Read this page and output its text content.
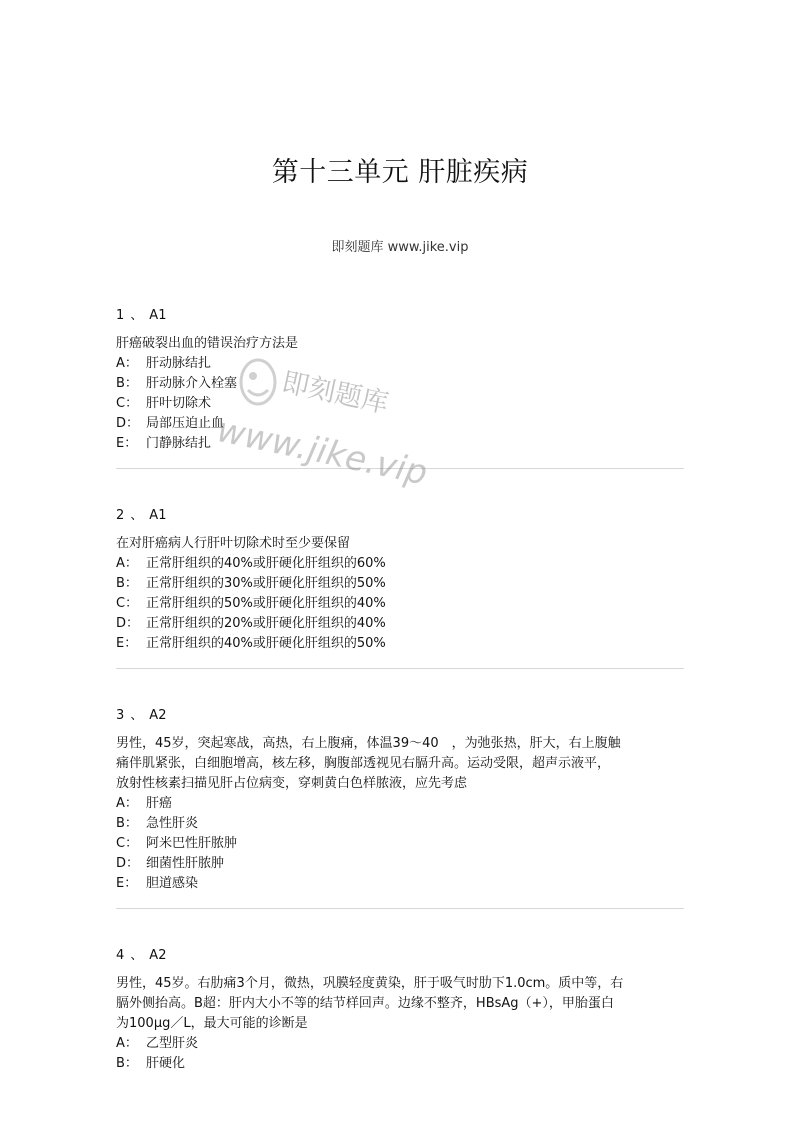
第十三单元 肝脏疾病
即刻题库 www.jike.vip
1 、 A1
肝癌破裂出血的错误治疗方法是
A： 肝动脉结扎
B： 肝动脉介入栓塞
C： 肝叶切除术
D： 局部压迫止血
E： 门静脉结扎
2 、 A1
在对肝癌病人行肝叶切除术时至少要保留
A： 正常肝组织的40%或肝硬化肝组织的60%
B： 正常肝组织的30%或肝硬化肝组织的50%
C： 正常肝组织的50%或肝硬化肝组织的40%
D： 正常肝组织的20%或肝硬化肝组织的40%
E： 正常肝组织的40%或肝硬化肝组织的50%
3 、 A2
男性，45岁，突起寒战，高热，右上腹痛，体温39～40　，为弛张热，肝大，右上腹触
痛伴肌紧张，白细胞增高，核左移，胸腹部透视见右膈升高。运动受限，超声示液平，
放射性核素扫描见肝占位病变，穿刺黄白色样脓液，应先考虑
A： 肝癌
B： 急性肝炎
C： 阿米巴性肝脓肿
D： 细菌性肝脓肿
E： 胆道感染
4 、 A2
男性，45岁。右肋痛3个月，微热，巩膜轻度黄染，肝于吸气时肋下1.0cm。质中等，右
膈外侧抬高。B超：肝内大小不等的结节样回声。边缘不整齐，HBsAg（+），甲胎蛋白
为100μg／L，最大可能的诊断是
A： 乙型肝炎
B： 肝硬化
即刻题库
www.jike.vip
